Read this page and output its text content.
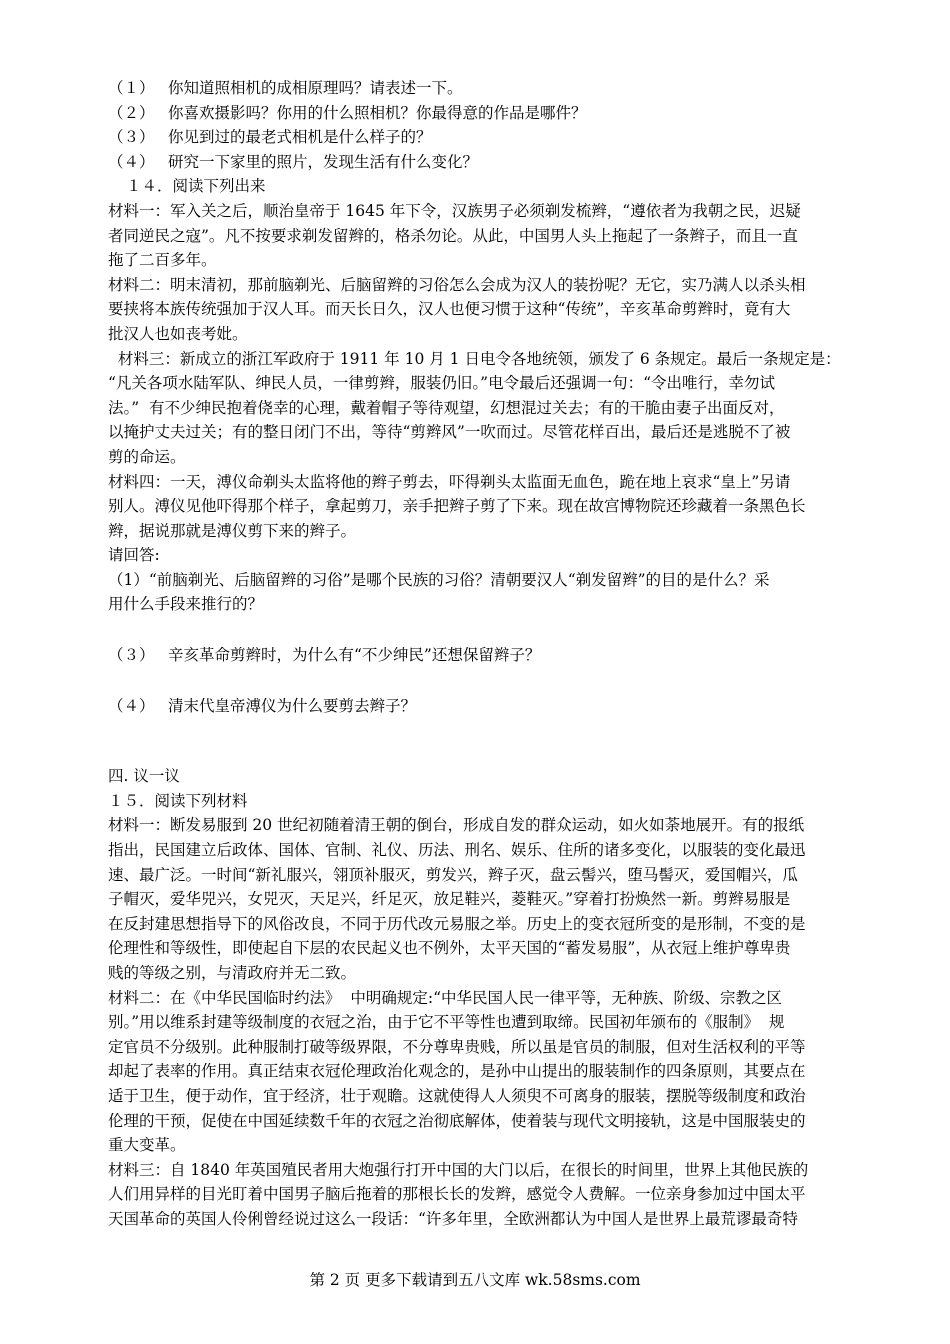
（１） 你知道照相机的成相原理吗？请表述一下。
（２） 你喜欢摄影吗？你用的什么照相机？你最得意的作品是哪件？
（３） 你见到过的最老式相机是什么样子的？
（４） 研究一下家里的照片，发现生活有什么变化？
１４．阅读下列出来
材料一：军入关之后，顺治皇帝于 1645 年下令，汉族男子必须剃发梳辫，“遵依者为我朝之民，迟疑
者同逆民之寇”。凡不按要求剃发留辫的，格杀勿论。从此，中国男人头上拖起了一条辫子，而且一直
拖了二百多年。
材料二：明末清初，那前脑剃光、后脑留辫的习俗怎么会成为汉人的装扮呢？无它，实乃满人以杀头相
要挟将本族传统强加于汉人耳。而天长日久，汉人也便习惯于这种“传统”，辛亥革命剪辫时，竟有大
批汉人也如丧考妣。
材料三：新成立的浙江军政府于 1911 年 10 月 1 日电令各地统领，颁发了 6 条规定。最后一条规定是：
“凡关各项水陆军队、绅民人员，一律剪辫，服装仍旧。”电令最后还强调一句：“令出唯行，幸勿试
法。”  有不少绅民抱着侥幸的心理，戴着帽子等待观望，幻想混过关去；有的干脆由妻子出面反对，
以掩护丈夫过关；有的整日闭门不出，等待“剪辫风”一吹而过。尽管花样百出，最后还是逃脱不了被
剪的命运。
材料四：一天，溥仪命剃头太监将他的辫子剪去，吓得剃头太监面无血色，跪在地上哀求“皇上”另请
别人。溥仪见他吓得那个样子，拿起剪刀，亲手把辫子剪了下来。现在故宫博物院还珍藏着一条黑色长
辫，据说那就是溥仪剪下来的辫子。
请回答:
（1）“前脑剃光、后脑留辫的习俗”是哪个民族的习俗？清朝要汉人“剃发留辫”的目的是什么？采
用什么手段来推行的？
（３） 辛亥革命剪辫时，为什么有“不少绅民”还想保留辫子？
（４） 清末代皇帝溥仪为什么要剪去辫子？
四. 议一议
１５．阅读下列材料
材料一：断发易服到 20 世纪初随着清王朝的倒台，形成自发的群众运动，如火如荼地展开。有的报纸
指出，民国建立后政体、国体、官制、礼仪、历法、刑名、娱乐、住所的诸多变化，以服装的变化最迅
速、最广泛。一时间“新礼服兴，翎顶补服灭，剪发兴，辫子灭，盘云髻兴，堕马髻灭，爱国帽兴，瓜
子帽灭，爱华兕兴，女兕灭，天足兴，纤足灭，放足鞋兴，菱鞋灭。”穿着打扮焕然一新。剪辫易服是
在反封建思想指导下的风俗改良，不同于历代改元易服之举。历史上的变衣冠所变的是形制，不变的是
伦理性和等级性，即使起自下层的农民起义也不例外，太平天国的“蓄发易服”，从衣冠上维护尊卑贵
贱的等级之别，与清政府并无二致。
材料二：在《中华民国临时约法》  中明确规定:“中华民国人民一律平等，无种族、阶级、宗教之区
别。”用以维系封建等级制度的衣冠之治，由于它不平等性也遭到取缔。民国初年颁布的《服制》  规
定官员不分级别。此种服制打破等级界限，不分尊卑贵贱，所以虽是官员的制服，但对生活权利的平等
却起了表率的作用。真正结束衣冠伦理政治化观念的，是孙中山提出的服装制作的四条原则，其要点在
适于卫生，便于动作，宜于经济，壮于观瞻。这就使得人人须臾不可离身的服装，摆脱等级制度和政治
伦理的干预，促使在中国延续数千年的衣冠之治彻底解体，使着装与现代文明接轨，这是中国服装史的
重大变革。
材料三：自 1840 年英国殖民者用大炮强行打开中国的大门以后，在很长的时间里，世界上其他民族的
人们用异样的目光盯着中国男子脑后拖着的那根长长的发辫，感觉令人费解。一位亲身参加过中国太平
天国革命的英国人伶俐曾经说过这么一段话：“许多年里，全欧洲都认为中国人是世界上最荒谬最奇特
第 2 页 更多下载请到五八文库 wk.58sms.com
